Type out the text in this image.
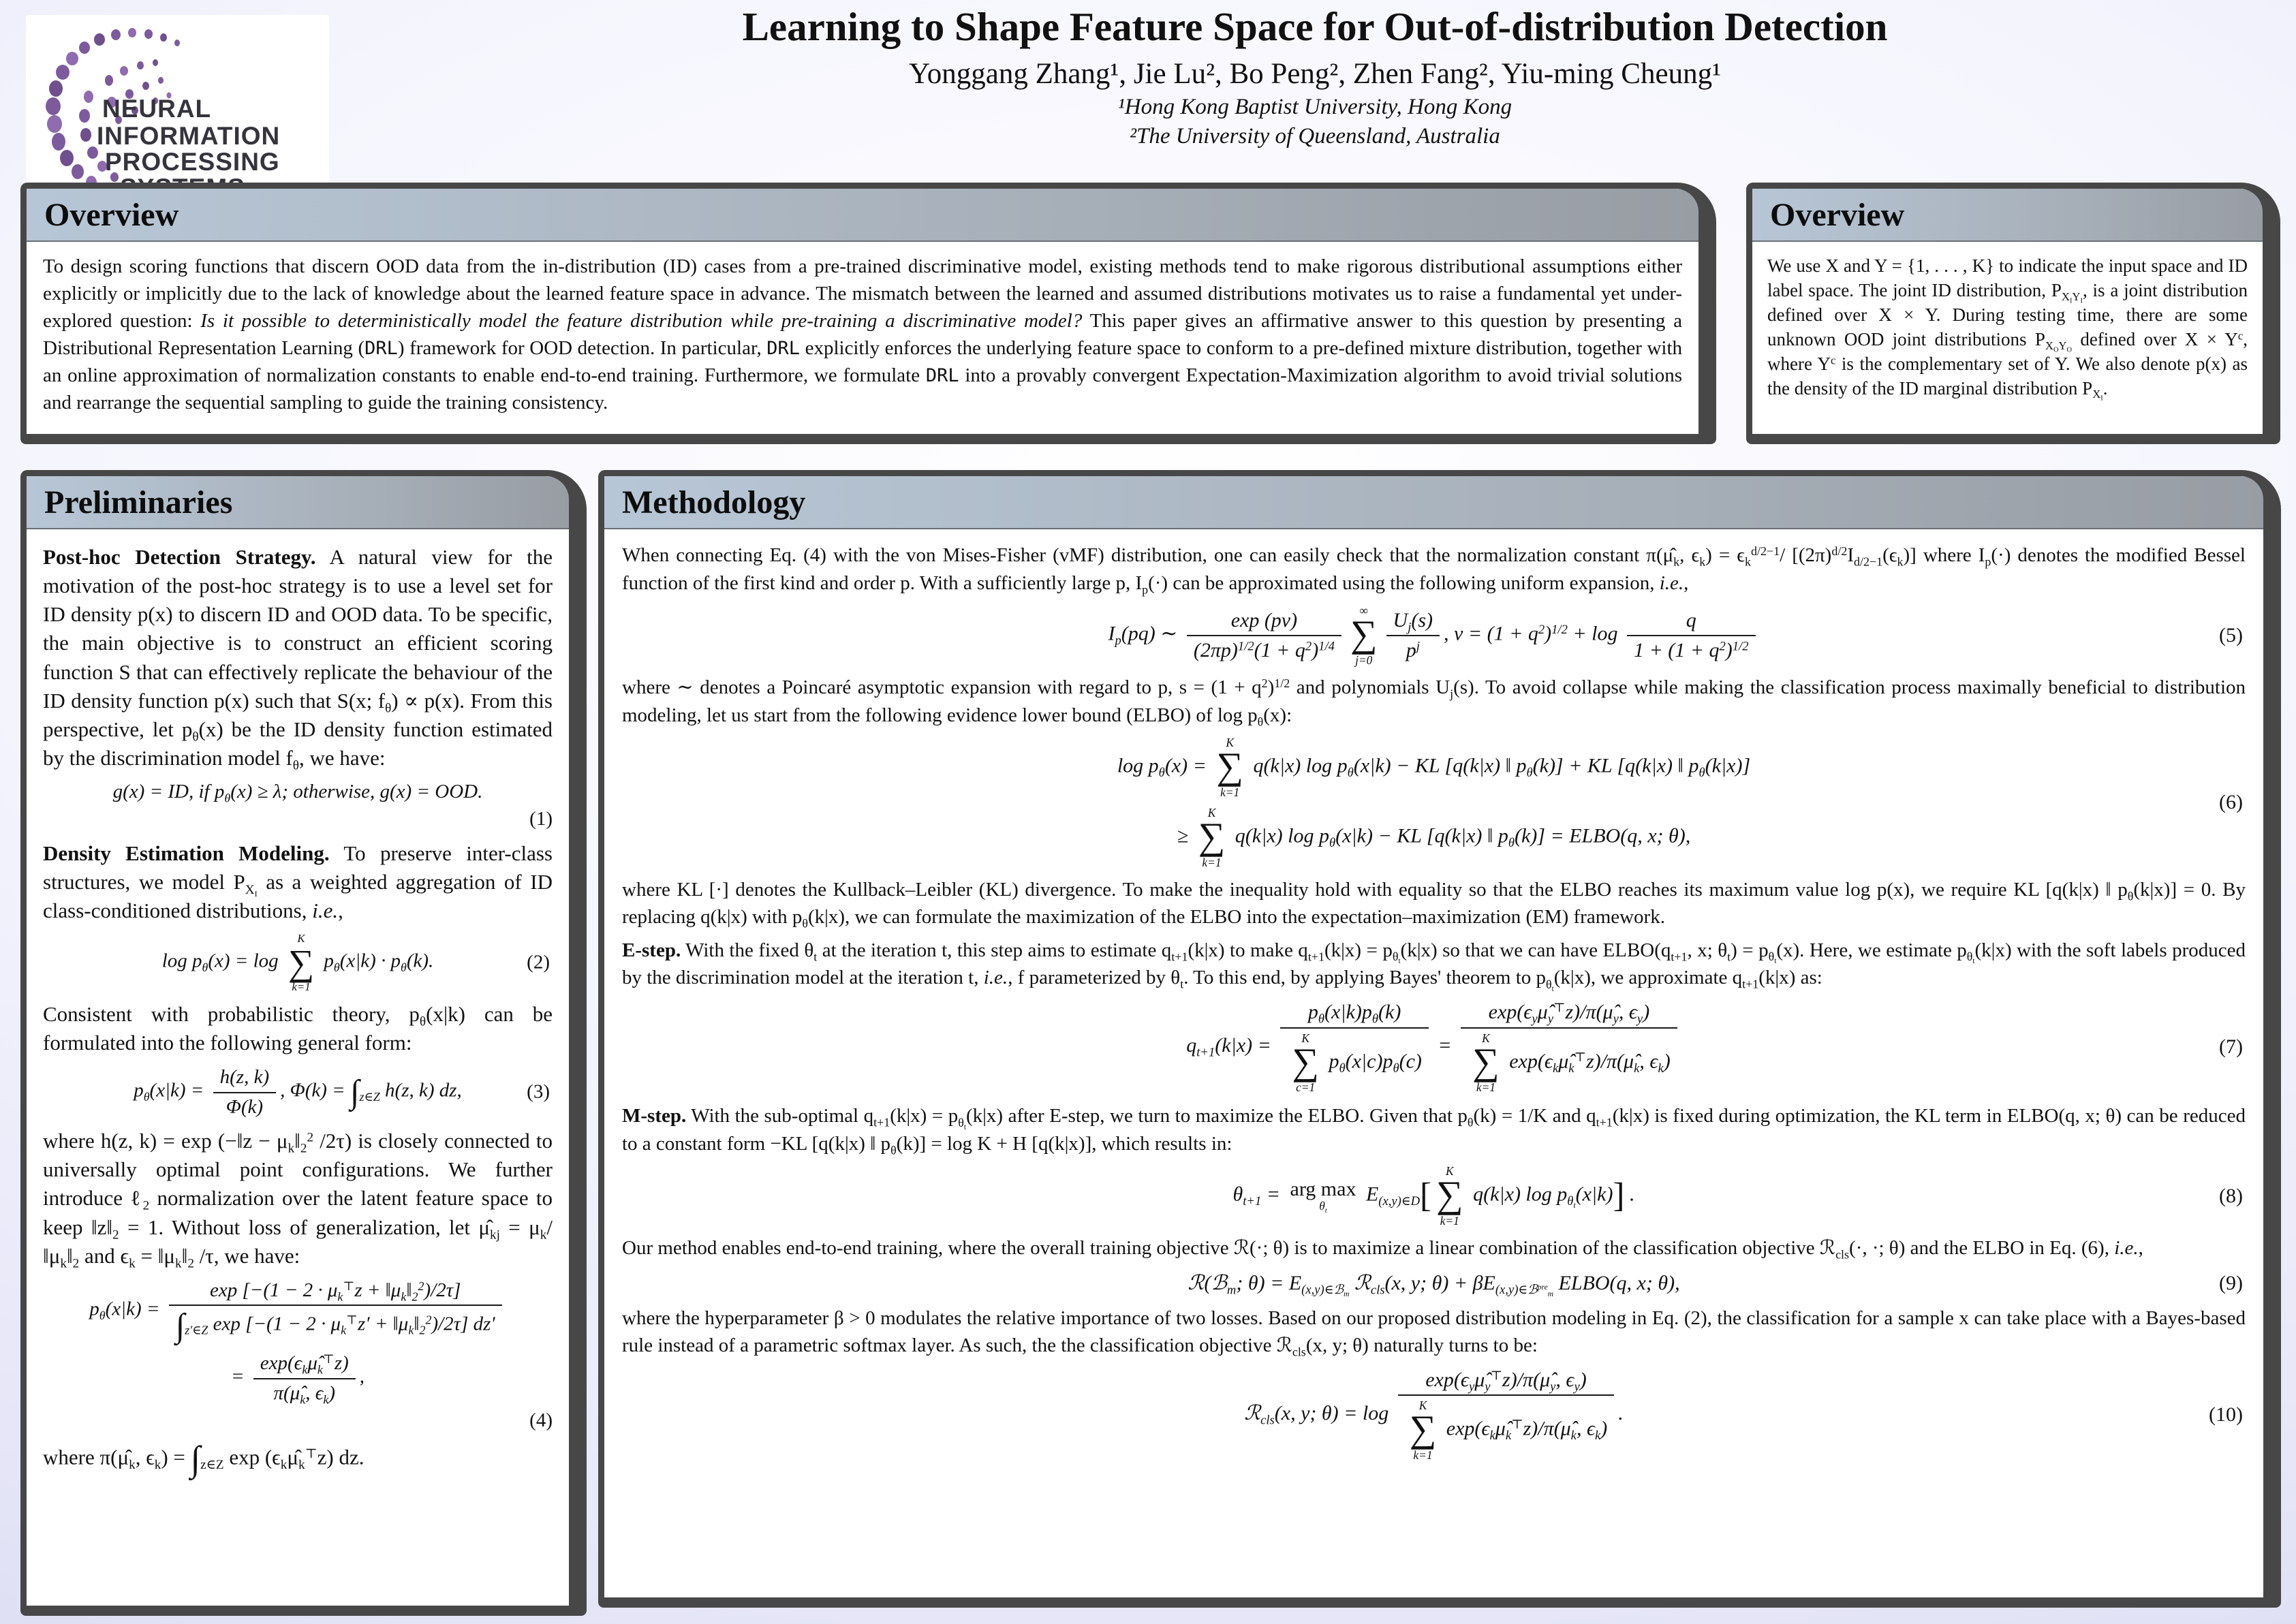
NEURAL
INFORMATION
PROCESSING
Learning to Shape Feature Space for Out-of-distribution Detection
Yonggang Zhang¹, Jie Lu², Bo Peng², Zhen Fang², Yiu-ming Cheung¹
¹Hong Kong Baptist University, Hong Kong
²The University of Queensland, Australia
Overview

To design scoring functions that discern OOD data from the in-distribution (ID) cases from a pre-trained discriminative model, existing methods tend to make rigorous distributional assumptions either explicitly or implicitly due to the lack of knowledge about the learned feature space in advance. The mismatch between the learned and assumed distributions motivates us to raise a fundamental yet under-explored question: Is it possible to deterministically model the feature distribution while pre-training a discriminative model? This paper gives an affirmative answer to this question by presenting a Distributional Representation Learning (DRL) framework for OOD detection. In particular, DRL explicitly enforces the underlying feature space to conform to a pre-defined mixture distribution, together with an online approximation of normalization constants to enable end-to-end training. Furthermore, we formulate DRL into a provably convergent Expectation-Maximization algorithm to avoid trivial solutions and rearrange the sequential sampling to guide the training consistency.

Overview

We use X and Y = {1, . . . , K} to indicate the input space and ID label space. The joint ID distribution, $P_{X_IY_I}$, is a joint distribution defined over X × Y. During testing time, there are some unknown OOD joint distributions $P_{X_OY_O}$ defined over $X \times Y^c$, where $Y^c$ is the complementary set of Y. We also denote p(x) as the density of the ID marginal distribution $P_{X_I}$.

Preliminaries

Post-hoc Detection Strategy. A natural view for the motivation of the post-hoc strategy is to use a level set for ID density p(x) to discern ID and OOD data. To be specific, the main objective is to construct an efficient scoring function S that can effectively replicate the behaviour of the ID density function p(x) such that S(x; $f_\theta) \propto p(x)$. From this perspective, let $p_\theta(x)$ be the ID density function estimated by the discrimination model $f_\theta$, we have:

g(x) = ID, if $p_\theta(x) \ge \lambda$; otherwise, g(x) = OOD.
(1)

Density Estimation Modeling. To preserve inter-class structures, we model $P_{X_I}$ as a weighted aggregation of ID class-conditioned distributions, i.e.,

$\log p_\theta(x) = \log$
K
∑
k=1
$p_\theta(x|k) \cdot p_\theta(k)$.	(2)

Consistent with probabilistic theory, $p_\theta(x|k)$ can be formulated into the following general form:

$p_\theta(x|k) = \frac{h(z, k)}{\Phi(k)}$ , $\Phi(k) = \int_{z\in Z}$ h(z, k) dz,	(3)

where h(z, k) = exp (−‖z − $\mu_k‖_2^2$ /2τ) is closely connected to universally optimal point configurations. We further introduce ℓ$_2$ normalization over the latent feature space to keep $‖z‖_2 = 1$. Without loss of generalization, let $\mû_{kj} = \mu_k/$ $‖\mu_k‖_2$ and $\epsilon_k$ = $‖\mu_k‖_2$ /τ, we have:

$p_\theta(x|k) = \frac{\exp [-(1 - 2 \cdot \mu_k^⊤z + ‖\mu_k‖_2^2)/2\tau]}{\int_{z'\in Z} \exp [-(1 - 2 \cdot \mu_k^⊤z' + ‖\mu_k‖_2^2)/2\tau] dz'}$
=
$\exp(\epsilon_k\mû_k^⊤z)$
$\pi(\mû_k$, $\epsilon_k$)
,
(4)

where $\pi(\mû_k$, $\epsilon_k) = \int_{z\in Z}$ $\exp (\epsilon_k\mû_k^⊤z)$ dz.

Methodology

When connecting Eq. (4) with the von Mises-Fisher (vMF) distribution, one can easily check that the normalization constant $\pi(\mû_k$, $\epsilon_k) = \epsilon_k^{d/2-1}/$ $[(2\pi)^{d/2}I_{d/2-1}(\epsilon_k)]$ where $I_p(\cdot)$ denotes the modified Bessel function of the first kind and order p. With a sufficiently large p, $I_p(\cdot)$ can be approximated using the following uniform expansion, i.e.,

$I_p(pq)$ ∼ $\frac{\exp (p\nu)}{(2\pi p)^{1/2}(1 + q^2)^{1/4}}$ ∞
∑
$j=0 \frac{U_j(s)}{p^j}$ , $\nu = (1 + q^2)^{1/2} + \log \frac{q}{1 + (1 + q^2)^{1/2}}$	(5)

where ∼ denotes a Poincaré asymptotic expansion with regard to p, $s = (1 + q^2)^{1/2}$ and polynomials $U_j(s)$. To avoid collapse while making the classification process maximally beneficial to distribution modeling, let us start from the following evidence lower bound (ELBO) of $\log p_\theta(x)$:

$\log p_\theta(x)$ =
K
∑
k=1
q(k|x) $\log p_\theta(x|k)$ − KL [q(k|x) ‖ $p_\theta(k)$] + KL [q(k|x) ‖ $p_\theta(k|x)$]
≥
K
∑
k=1
q(k|x) $\log p_\theta(x|k)$ − KL [q(k|x) ‖ $p_\theta(k)$] = ELBO(q, x; θ),
(6)

where KL [·] denotes the Kullback–Leibler (KL) divergence. To make the inequality hold with equality so that the ELBO reaches its maximum value log p(x), we require KL [q(k|x) ‖ $p_\theta(k|x)] = 0$. By replacing q(k|x) with $p_\theta(k|x)$, we can formulate the maximization of the ELBO into the expectation–maximization (EM) framework.

E-step. With the fixed $\theta_t$ at the iteration t, this step aims to estimate $q_{t+1}(k|x)$ to make $q_{t+1}(k|x) = p_{\theta_t}(k|x)$ so that we can have $ELBO(q_{t+1}$, x; $\theta_t) = p_{\theta_t}(x)$. Here, we estimate $p_{\theta_t}(k|x)$ with the soft labels produced by the discrimination model at the iteration t, i.e., f parameterized by $\theta_t$. To this end, by applying Bayes' theorem to $p_{\theta_t}(k|x)$, we approximate $q_{t+1}(k|x)$ as:

$q_{t+1}(k|x) = p_\theta(x|k)p_\theta(k)$
K
∑
c=1
$p_\theta(x|c)p_\theta(c)$ =
$\exp(\epsilon_y\mû_y^⊤z)/\pi(\mû_y$, $\epsilon_y$)
K
∑
k=1
$\exp(\epsilon_k\mû_k^⊤z)/\pi(\mû_k$, $\epsilon_k$)
(7)

M-step. With the sub-optimal $q_{t+1}(k|x) = p_{\theta_t}(k|x)$ after E-step, we turn to maximize the ELBO. Given that $p_\theta(k) = 1/K$ and $q_{t+1}(k|x)$ is fixed during optimization, the KL term in ELBO(q, x; θ) can be reduced to a constant form −KL [q(k|x) ‖ $p_\theta(k)] = \log K + H$ [q(k|x)], which results in:

$\theta_{t+1}$ = arg max
$\theta_t$
$E_{(x,y)\in D}$[
K
∑
k=1
q(k|x) $\log p_{\theta_t}(x|k)$] .	(8)

Our method enables end-to-end training, where the overall training objective ℛ(·; θ) is to maximize a linear combination of the classification objective ℛ$_{cls}$(·, ·; θ) and the ELBO in Eq. (6), i.e.,

ℛ(ℬ$_m$; $\theta) = E_{(x,y)\in ℬ_m}$ ℛ$_{cls}$(x, y; $\theta) + \beta E_{(x,y)\in ℬ^{pre}_m}$ ELBO(q, x; θ),	(9)

where the hyperparameter β > 0 modulates the relative importance of two losses. Based on our proposed distribution modeling in Eq. (2), the classification for a sample x can take place with a Bayes-based rule instead of a parametric softmax layer. As such, the the classification objective ℛ$_{cls}$(x, y; θ) naturally turns to be:

ℛ$_{cls}$(x, y; θ) = log
$\exp(\epsilon_y\mû_y^⊤z)/\pi(\mû_y$, $\epsilon_y$)
K
∑
k=1
$\exp(\epsilon_k\mû_k^⊤z)/\pi(\mû_k$, $\epsilon_k$)
.	(10)
